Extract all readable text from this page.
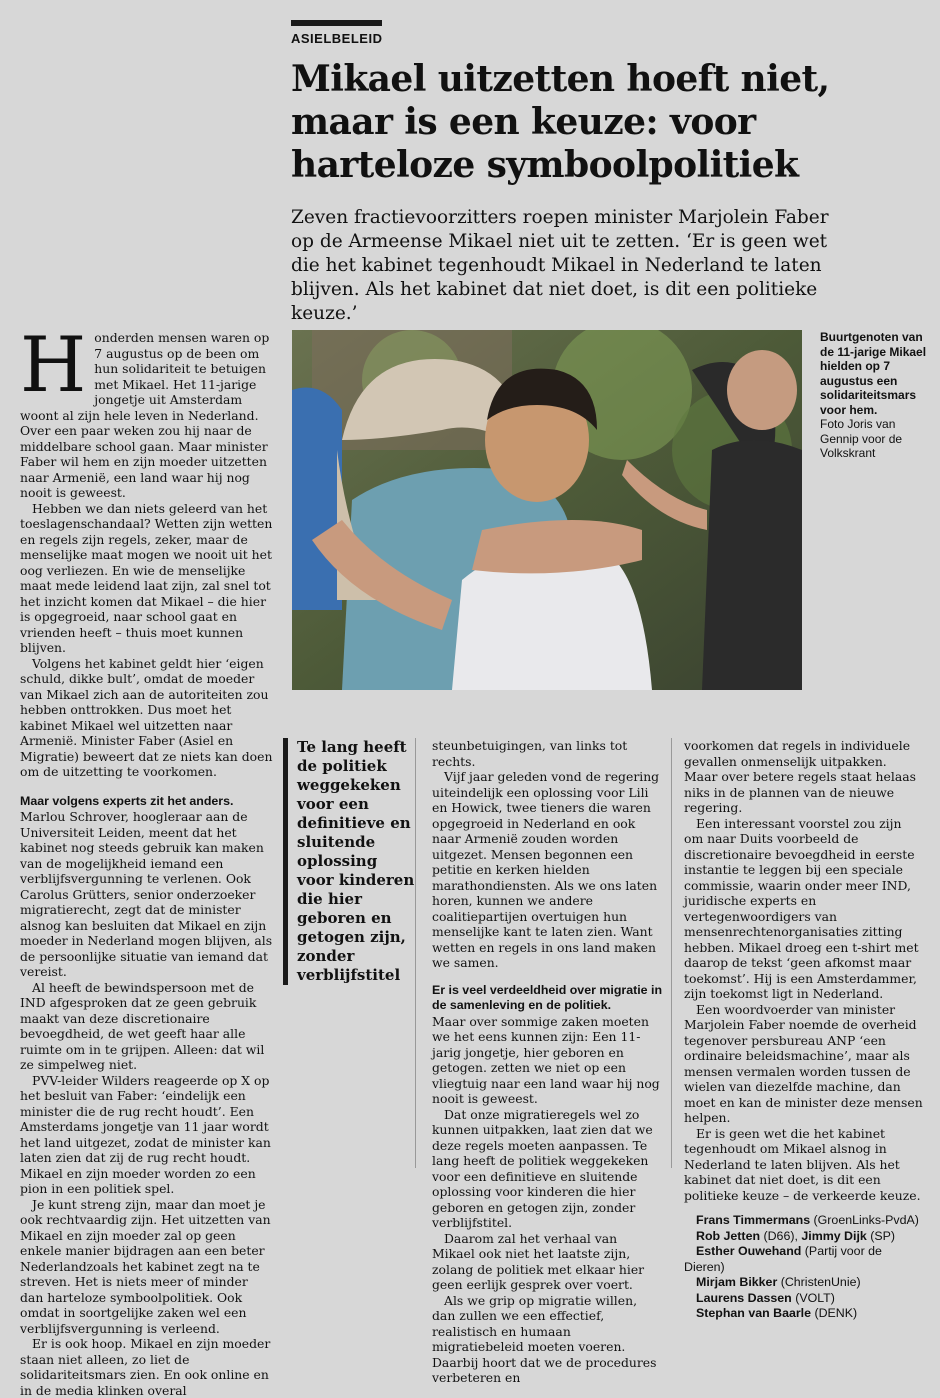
ASIELBELEID
Mikael uitzetten hoeft niet, maar is een keuze: voor harteloze symboolpolitiek

Zeven fractievoorzitters roepen minister Marjolein Faber op de Armeense Mikael niet uit te zetten. ‘Er is geen wet die het kabinet tegenhoudt Mikael in Nederland te laten blijven. Als het kabinet dat niet doet, is dit een politieke keuze.’

Honderden mensen waren op 7 augustus op de been om hun solidariteit te betuigen met Mikael. Het 11-jarige jongetje uit Amsterdam woont al zijn hele leven in Nederland. Over een paar weken zou hij naar de middelbare school gaan. Maar minister Faber wil hem en zijn moeder uitzetten naar Armenië, een land waar hij nog nooit is geweest.

Hebben we dan niets geleerd van het toeslagenschandaal? Wetten zijn wetten en regels zijn regels, zeker, maar de menselijke maat mogen we nooit uit het oog verliezen. En wie de menselijke maat mede leidend laat zijn, zal snel tot het inzicht komen dat Mikael – die hier is opgegroeid, naar school gaat en vrienden heeft – thuis moet kunnen blijven.

Volgens het kabinet geldt hier ‘eigen schuld, dikke bult’, omdat de moeder van Mikael zich aan de autoriteiten zou hebben onttrokken. Dus moet het kabinet Mikael wel uitzetten naar Armenië. Minister Faber (Asiel en Migratie) beweert dat ze niets kan doen om de uitzetting te voorkomen.

Maar volgens experts zit het anders.

Marlou Schrover, hoogleraar aan de Universiteit Leiden, meent dat het kabinet nog steeds gebruik kan maken van de mogelijkheid iemand een verblijfsvergunning te verlenen. Ook Carolus Grütters, senior onderzoeker migratierecht, zegt dat de minister alsnog kan besluiten dat Mikael en zijn moeder in Nederland mogen blijven, als de persoonlijke situatie van iemand dat vereist.

Al heeft de bewindspersoon met de IND afgesproken dat ze geen gebruik maakt van deze discretionaire bevoegdheid, de wet geeft haar alle ruimte om in te grijpen. Alleen: dat wil ze simpelweg niet.

PVV-leider Wilders reageerde op X op het besluit van Faber: ‘eindelijk een minister die de rug recht houdt’. Een Amsterdams jongetje van 11 jaar wordt het land uitgezet, zodat de minister kan laten zien dat zij de rug recht houdt. Mikael en zijn moeder worden zo een pion in een politiek spel.

Je kunt streng zijn, maar dan moet je ook rechtvaardig zijn. Het uitzetten van Mikael en zijn moeder zal op geen enkele manier bijdragen aan een beter Nederlandzoals het kabinet zegt na te streven. Het is niets meer of minder dan harteloze symboolpolitiek. Ook omdat in soortgelijke zaken wel een verblijfsvergunning is verleend.

Er is ook hoop. Mikael en zijn moeder staan niet alleen, zo liet de solidariteitsmars zien. En ook online en in de media klinken overal

Buurtgenoten van de 11-jarige Mikael hielden op 7 augustus een solidariteitsmars voor hem.
Foto Joris van Gennip voor de Volkskrant
Te lang heeft de politiek weggekeken voor een definitieve en sluitende oplossing voor kinderen die hier geboren en getogen zijn, zonder verblijfstitel

steunbetuigingen, van links tot rechts.

Vijf jaar geleden vond de regering uiteindelijk een oplossing voor Lili en Howick, twee tieners die waren opgegroeid in Nederland en ook naar Armenië zouden worden uitgezet. Mensen begonnen een petitie en kerken hielden marathondiensten. Als we ons laten horen, kunnen we andere coalitiepartijen overtuigen hun menselijke kant te laten zien. Want wetten en regels in ons land maken we samen.

Er is veel verdeeldheid over migratie in de samenleving en de politiek.

Maar over sommige zaken moeten we het eens kunnen zijn: Een 11-jarig jongetje, hier geboren en getogen. zetten we niet op een vliegtuig naar een land waar hij nog nooit is geweest.

Dat onze migratieregels wel zo kunnen uitpakken, laat zien dat we deze regels moeten aanpassen. Te lang heeft de politiek weggekeken voor een definitieve en sluitende oplossing voor kinderen die hier geboren en getogen zijn, zonder verblijfstitel.

Daarom zal het verhaal van Mikael ook niet het laatste zijn, zolang de politiek met elkaar hier geen eerlijk gesprek over voert.

Als we grip op migratie willen, dan zullen we een effectief, realistisch en humaan migratiebeleid moeten voeren. Daarbij hoort dat we de procedures verbeteren en

voorkomen dat regels in individuele gevallen onmenselijk uitpakken. Maar over betere regels staat helaas niks in de plannen van de nieuwe regering.

Een interessant voorstel zou zijn om naar Duits voorbeeld de discretionaire bevoegdheid in eerste instantie te leggen bij een speciale commissie, waarin onder meer IND, juridische experts en vertegenwoordigers van mensenrechtenorganisaties zitting hebben. Mikael droeg een t-shirt met daarop de tekst ‘geen afkomst maar toekomst’. Hij is een Amsterdammer, zijn toekomst ligt in Nederland.

Een woordvoerder van minister Marjolein Faber noemde de overheid tegenover persbureau ANP ‘een ordinaire beleidsmachine’, maar als mensen vermalen worden tussen de wielen van diezelfde machine, dan moet en kan de minister deze mensen helpen.

Er is geen wet die het kabinet tegenhoudt om Mikael alsnog in Nederland te laten blijven. Als het kabinet dat niet doet, is dit een politieke keuze – de verkeerde keuze.

Frans Timmermans (GroenLinks-PvdA)

Rob Jetten (D66), Jimmy Dijk (SP)

Esther Ouwehand (Partij voor de Dieren)

Mirjam Bikker (ChristenUnie)

Laurens Dassen (VOLT)

Stephan van Baarle (DENK)
